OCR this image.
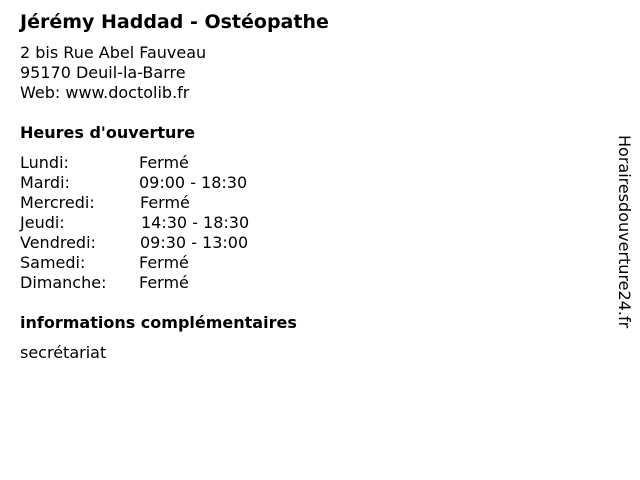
Jérémy Haddad - Ostéopathe
2 bis Rue Abel Fauveau
95170 Deuil-la-Barre
Web: www.doctolib.fr
Heures d'ouverture
Lundi:	Fermé
Mardi:	09:00 - 18:30
Mercredi:	Fermé
Jeudi:	14:30 - 18:30
Vendredi:	09:30 - 13:00
Samedi:	Fermé
Dimanche:	Fermé
informations complémentaires
secrétariat
Horairesdouverture24.fr
